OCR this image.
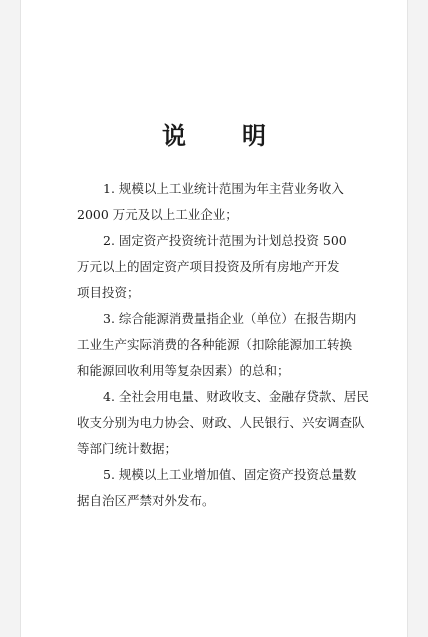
说　明

1. 规模以上工业统计范围为年主营业务收入
2000 万元及以上工业企业；

2. 固定资产投资统计范围为计划总投资 500
万元以上的固定资产项目投资及所有房地产开发
项目投资；

3. 综合能源消费量指企业（单位）在报告期内
工业生产实际消费的各种能源（扣除能源加工转换
和能源回收利用等复杂因素）的总和；

4. 全社会用电量、财政收支、金融存贷款、居民
收支分别为电力协会、财政、人民银行、兴安调查队
等部门统计数据；

5. 规模以上工业增加值、固定资产投资总量数
据自治区严禁对外发布。
